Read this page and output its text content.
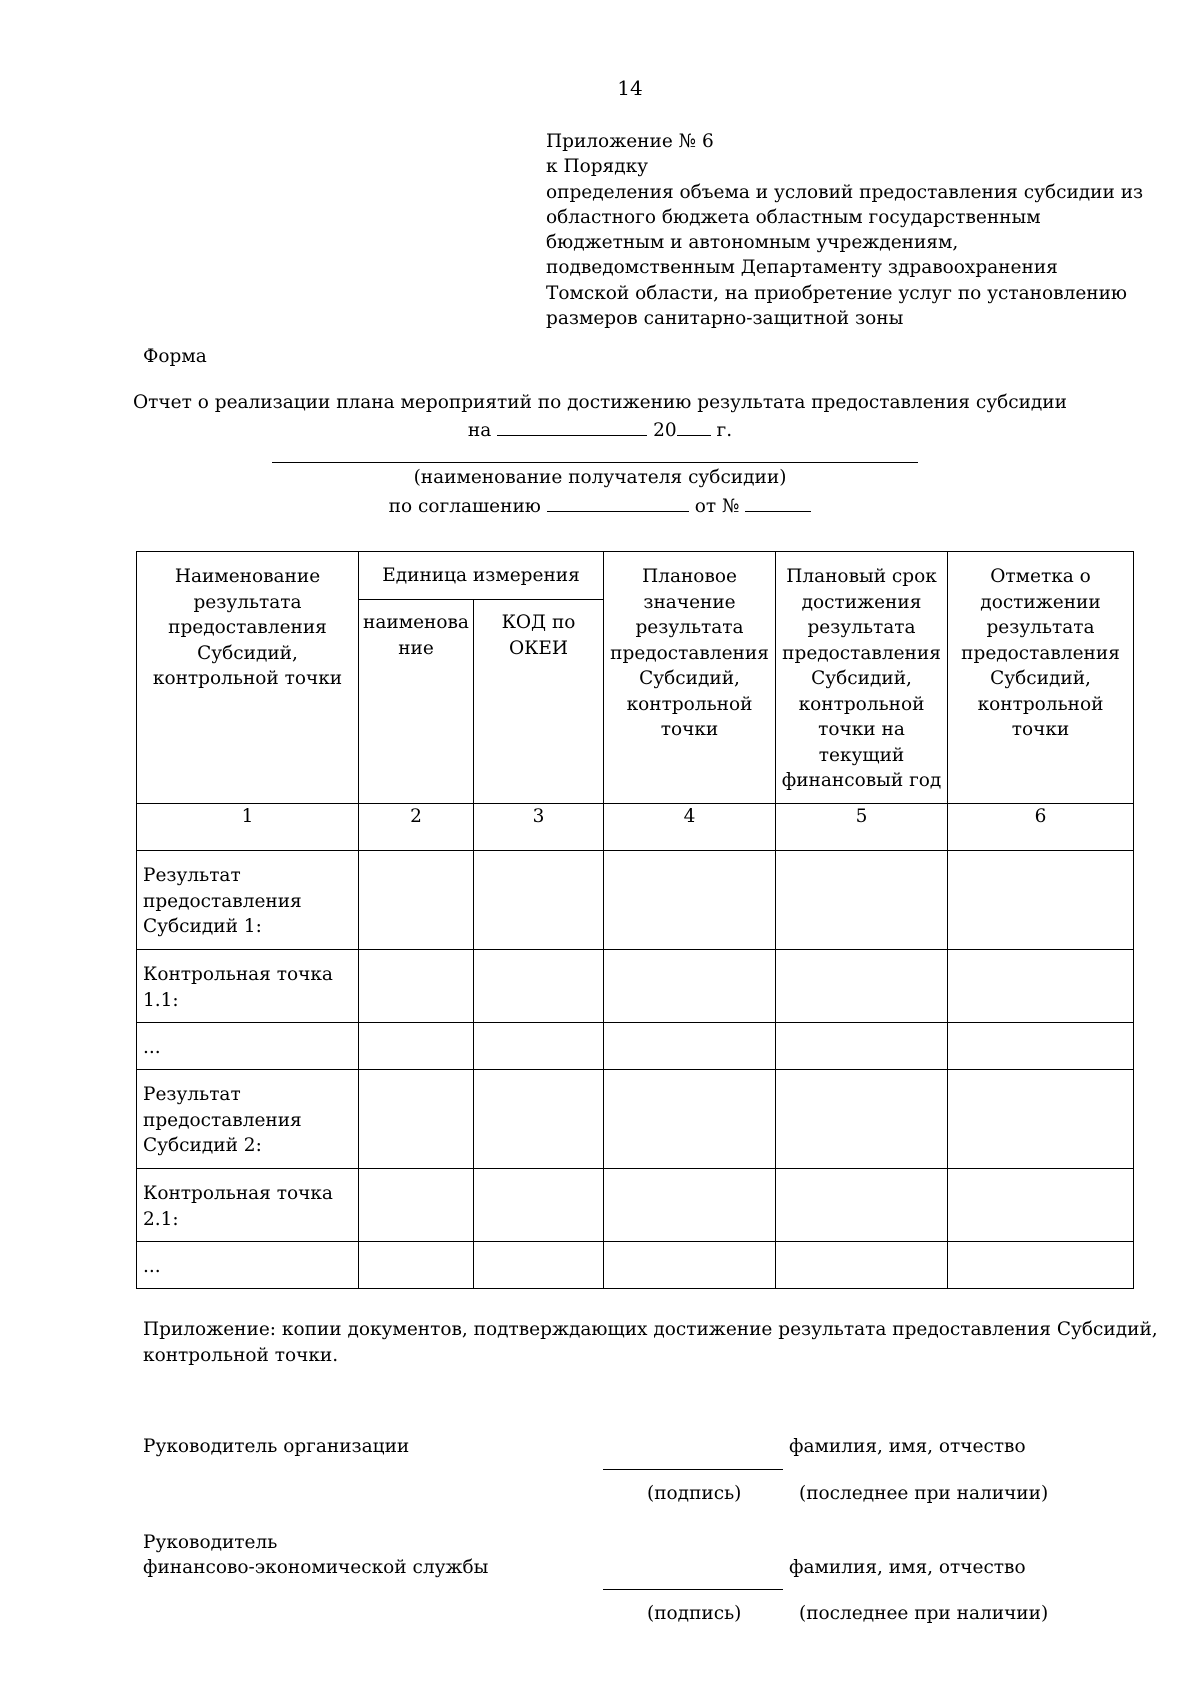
14
Приложение № 6
к Порядку
определения объема и условий предоставления субсидии из
областного бюджета областным государственным
бюджетным и автономным учреждениям,
подведомственным Департаменту здравоохранения
Томской области, на приобретение услуг по установлению
размеров санитарно-защитной зоны
Форма
Отчет о реализации плана мероприятий по достижению результата предоставления субсидии
на	20 г.
(наименование получателя субсидии)
по соглашению	от №
Наименование результата предоставления Субсидий, контрольной точки	Единица измерения		Плановое значение результата предоставления Субсидий, контрольной точки	Плановый срок достижения результата предоставления Субсидий, контрольной точки на текущий финансовый год	Отметка о достижении результата предоставления Субсидий, контрольной точки
	наименова ние	КОД по ОКЕИ			
1	2	3	4	5	6
Результат предоставления Субсидий 1:					
Контрольная точка 1.1:					
...					
Результат предоставления Субсидий 2:					
Контрольная точка 2.1:					
...					
Приложение: копии документов, подтверждающих достижение результата предоставления Субсидий,
контрольной точки.
Руководитель организации	фамилия, имя, отчество
(подпись)	(последнее при наличии)
Руководитель
финансово-экономической службы	фамилия, имя, отчество
(подпись)	(последнее при наличии)
